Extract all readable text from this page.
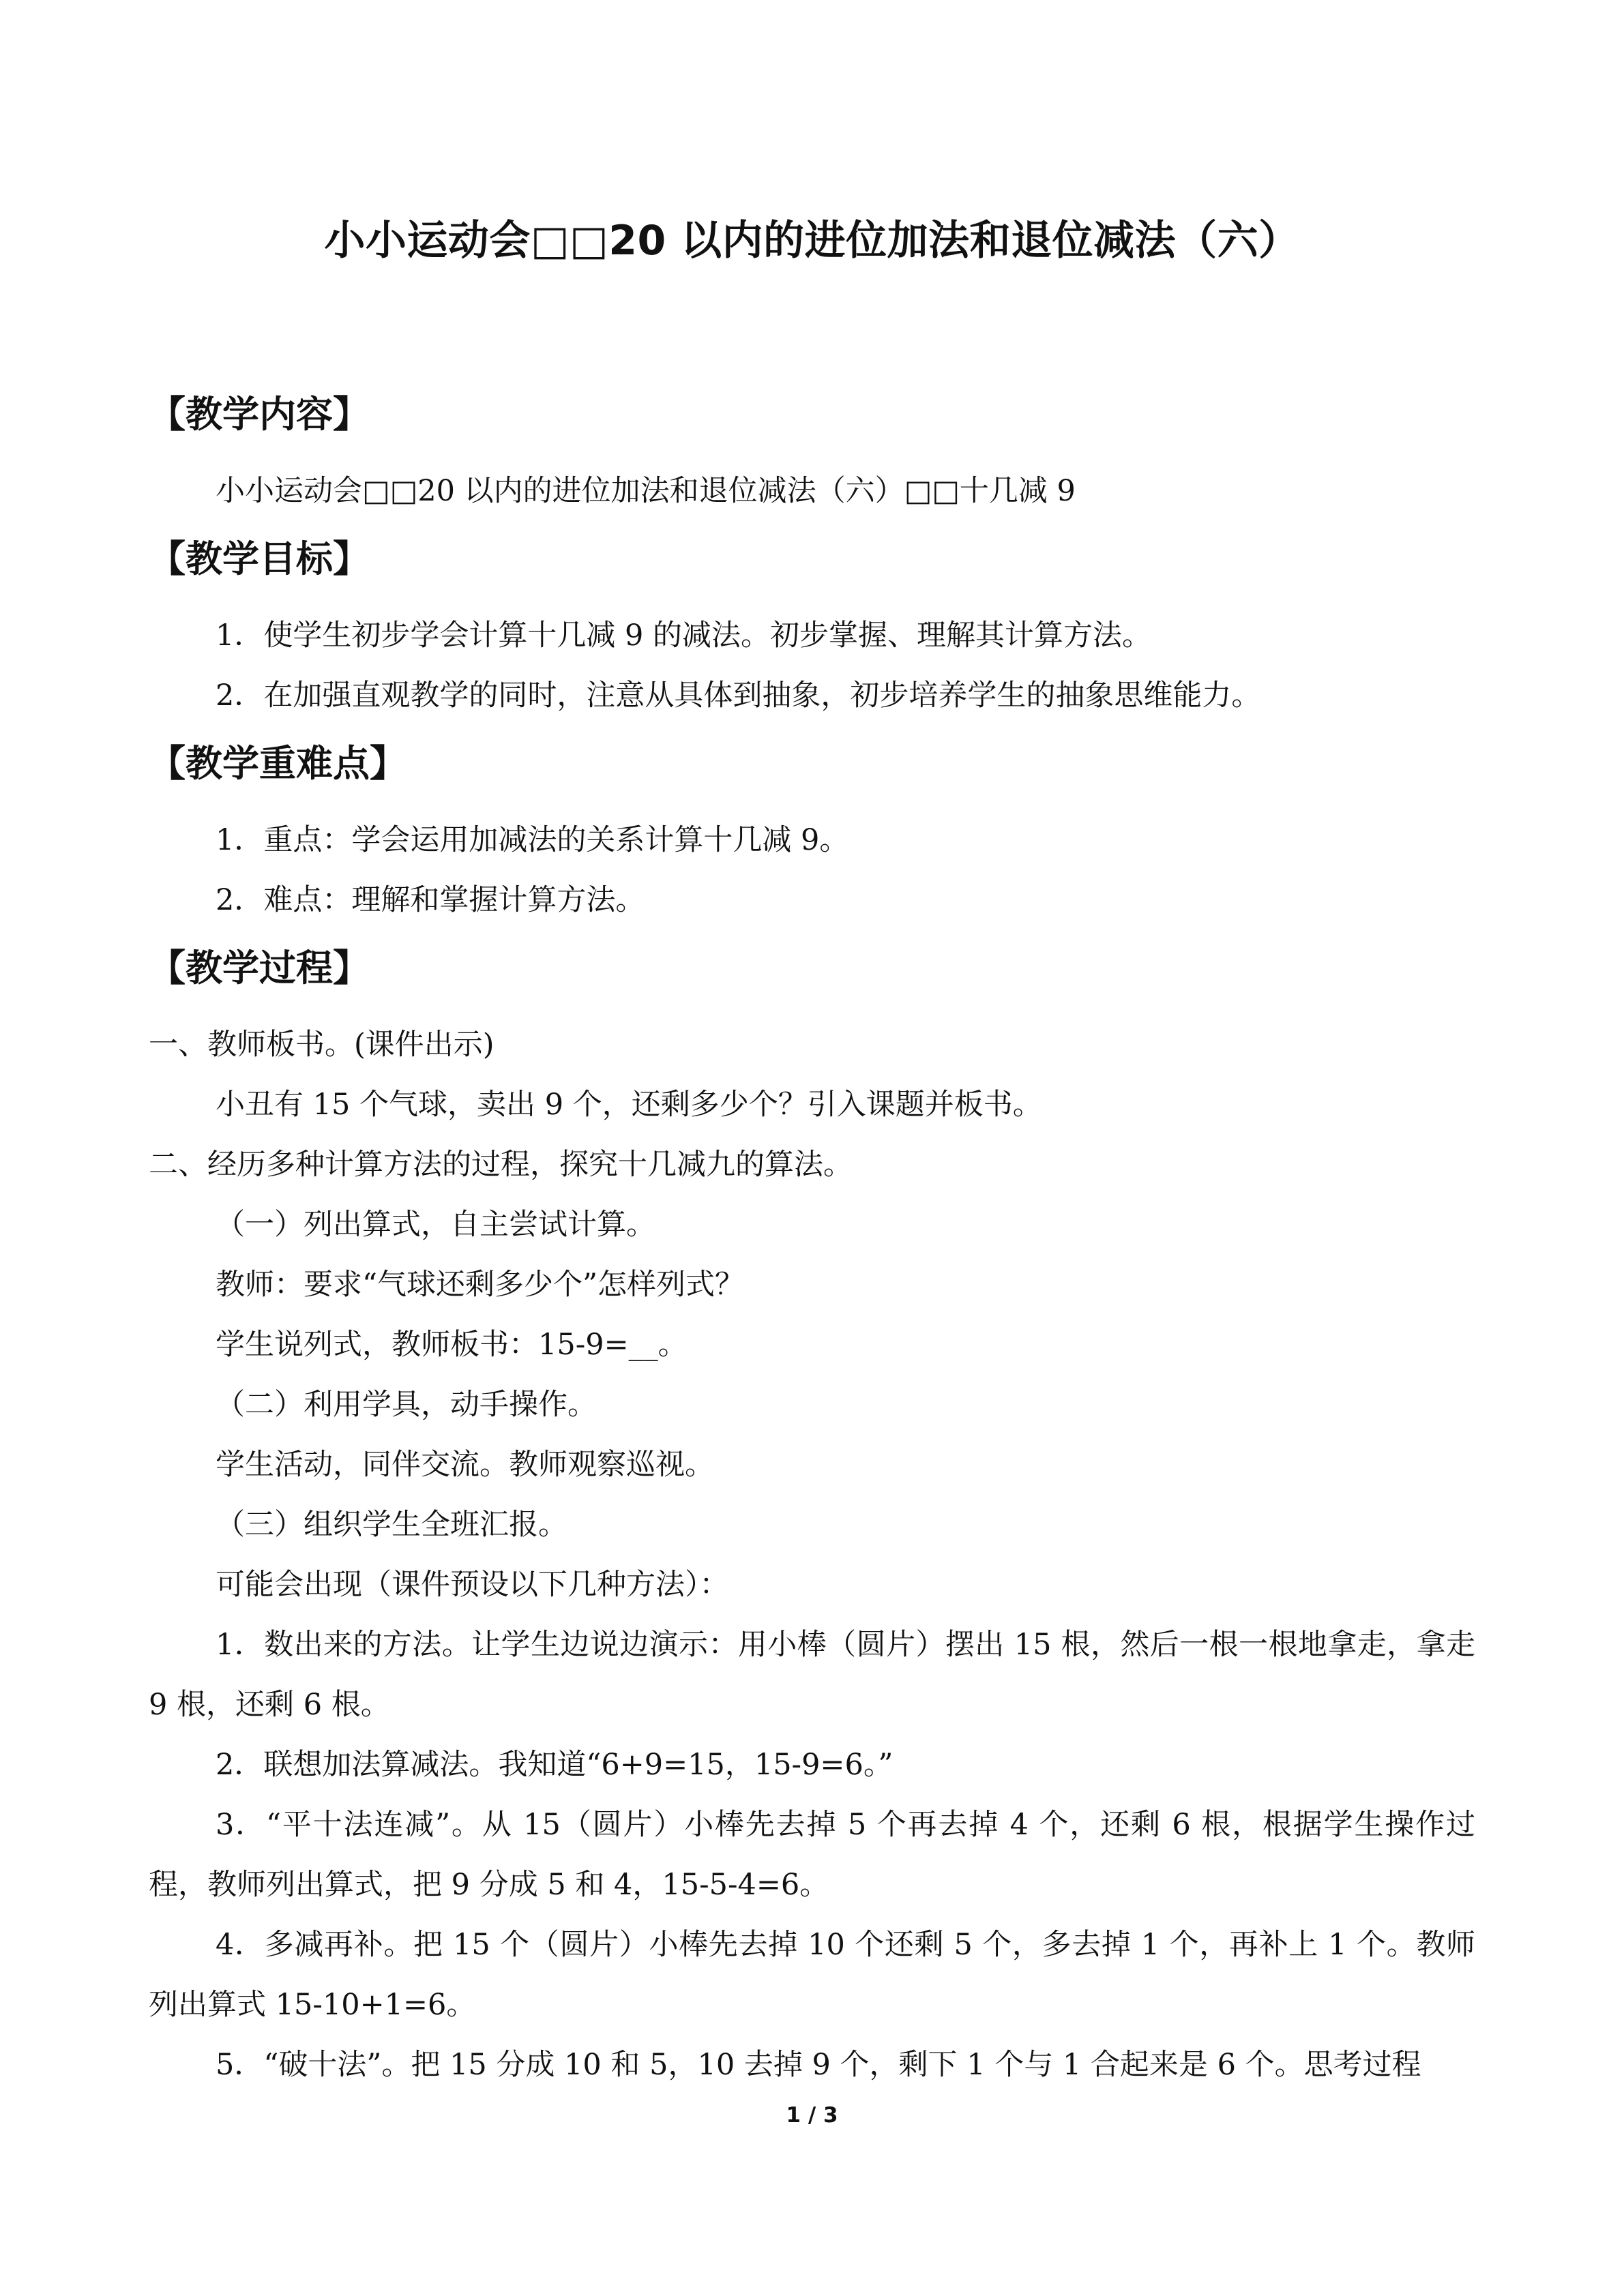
小小运动会□□20 以内的进位加法和退位减法（六）
【教学内容】

小小运动会□□20 以内的进位加法和退位减法（六）□□十几减 9

【教学目标】

1．使学生初步学会计算十几减 9 的减法。初步掌握、理解其计算方法。

2．在加强直观教学的同时，注意从具体到抽象，初步培养学生的抽象思维能力。

【教学重难点】

1．重点：学会运用加减法的关系计算十几减 9。

2．难点：理解和掌握计算方法。

【教学过程】

一、教师板书。(课件出示)

小丑有 15 个气球，卖出 9 个，还剩多少个？引入课题并板书。

二、经历多种计算方法的过程，探究十几减九的算法。

（一）列出算式，自主尝试计算。

教师：要求“气球还剩多少个”怎样列式？

学生说列式，教师板书：15-9=__。

（二）利用学具，动手操作。

学生活动，同伴交流。教师观察巡视。

（三）组织学生全班汇报。

可能会出现（课件预设以下几种方法）：

1．数出来的方法。让学生边说边演示：用小棒（圆片）摆出 15 根，然后一根一根地拿走，拿走 9 根，还剩 6 根。

2．联想加法算减法。我知道“6+9=15，15-9=6。”

3．“平十法连减”。从 15（圆片）小棒先去掉 5 个再去掉 4 个，还剩 6 根，根据学生操作过程，教师列出算式，把 9 分成 5 和 4，15-5-4=6。

4．多减再补。把 15 个（圆片）小棒先去掉 10 个还剩 5 个，多去掉 1 个，再补上 1 个。教师列出算式 15-10+1=6。

5．“破十法”。把 15 分成 10 和 5，10 去掉 9 个，剩下 1 个与 1 合起来是 6 个。思考过程

1 / 3
